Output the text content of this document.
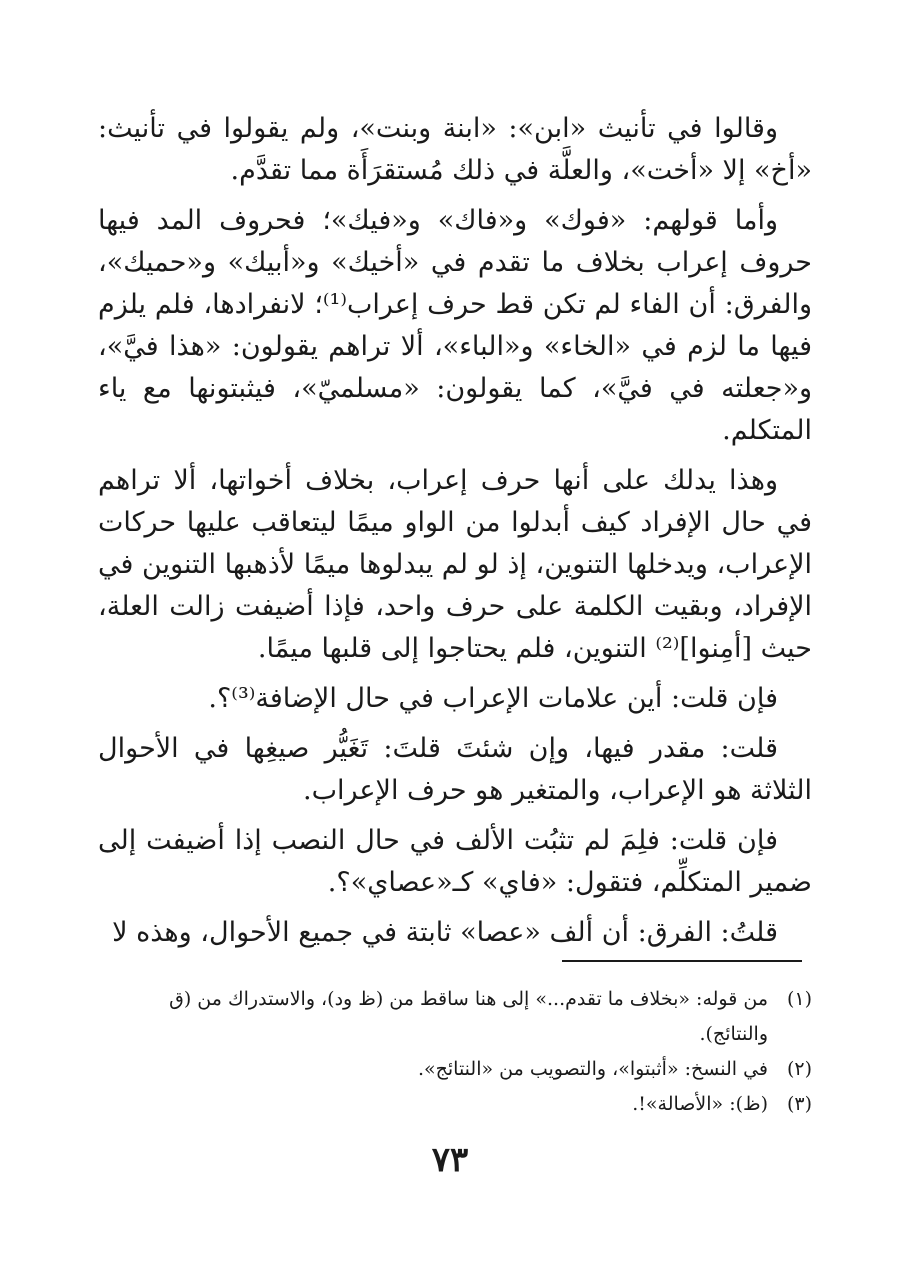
وقالوا في تأنيث «ابن»: «ابنة وبنت»، ولم يقولوا في تأنيث: «أخ» إلا «أخت»، والعلَّة في ذلك مُستقرَأَة مما تقدَّم.

وأما قولهم: «فوك» و«فاك» و«فيك»؛ فحروف المد فيها حروف إعراب بخلاف ما تقدم في «أخيك» و«أبيك» و«حميك»، والفرق: أن الفاء لم تكن قط حرف إعراب⁽¹⁾؛ لانفرادها، فلم يلزم فيها ما لزم في «الخاء» و«الباء»، ألا تراهم يقولون: «هذا فيَّ»، و«جعلته في فيَّ»، كما يقولون: «مسلميّ»، فيثبتونها مع ياء المتكلم.

وهذا يدلك على أنها حرف إعراب، بخلاف أخواتها، ألا تراهم في حال الإفراد كيف أبدلوا من الواو ميمًا ليتعاقب عليها حركات الإعراب، ويدخلها التنوين، إذ لو لم يبدلوها ميمًا لأذهبها التنوين في الإفراد، وبقيت الكلمة على حرف واحد، فإذا أضيفت زالت العلة، حيث [أمِنوا]⁽²⁾ التنوين، فلم يحتاجوا إلى قلبها ميمًا.

فإن قلت: أين علامات الإعراب في حال الإضافة⁽³⁾؟.

قلت: مقدر فيها، وإن شئتَ قلتَ: تَغَيُّر صيغِها في الأحوال الثلاثة هو الإعراب، والمتغير هو حرف الإعراب.

فإن قلت: فلِمَ لم تثبُت الألف في حال النصب إذا أضيفت إلى ضمير المتكلِّم، فتقول: «فاي» كـ«عصاي»؟.

قلتُ: الفرق: أن ألف «عصا» ثابتة في جميع الأحوال، وهذه لا

(١)
من قوله: «بخلاف ما تقدم...» إلى هنا ساقط من (ظ ود)، والاستدراك من (ق والنتائج).
(٢)
في النسخ: «أثبتوا»، والتصويب من «النتائج».
(٣)
(ظ): «الأصالة»!.
٧٣
